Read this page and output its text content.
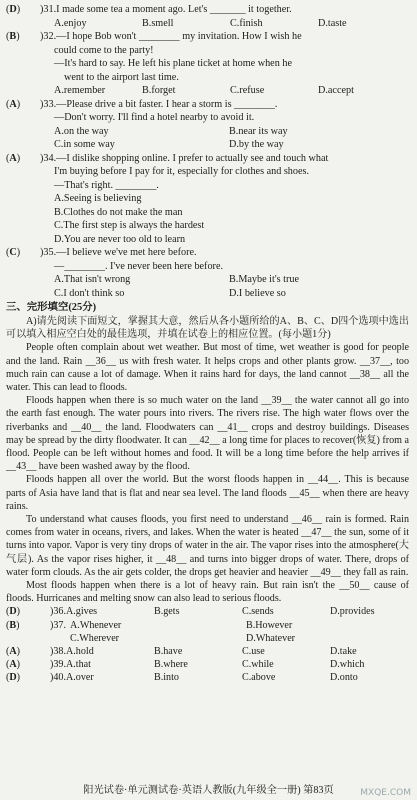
(D)	)31. I made some tea a moment ago. Let's _______ it together.
A.enjoy	B.smell	C.finish	D.taste
(B)	)32. —I hope Bob won't ________ my invitation. How I wish he
could come to the party!
—It's hard to say. He left his plane ticket at home when he
went to the airport last time.
A.remember	B.forget	C.refuse	D.accept
(A)	)33. —Please drive a bit faster. I hear a storm is ________.
—Don't worry. I'll find a hotel nearby to avoid it.
A.on the way	B.near its way
C.in some way	D.by the way
(A)	)34. —I dislike shopping online. I prefer to actually see and touch what
I'm buying before I pay for it, especially for clothes and shoes.
—That's right. ________.
A.Seeing is believing
B.Clothes do not make the man
C.The first step is always the hardest
D.You are never too old to learn
(C)	)35. —I believe we've met here before.
—________. I've never been here before.
A.That isn't wrong	B.Maybe it's true
C.I don't think so	D.I believe so
三、完形填空(25分)
A)请先阅读下面短文，掌握其大意，然后从各小题所给的A、B、C、D四个选项中选出可以填入相应空白处的最佳选项，并填在试卷上的相应位置。(每小题1分)

People often complain about wet weather. But most of time, wet weather is good for people and the land. Rain __36__ us with fresh water. It helps crops and other plants grow. __37__, too much rain can cause a lot of damage. When it rains hard for days, the land cannot __38__ all the water. This can lead to floods.

Floods happen when there is so much water on the land __39__ the water cannot all go into the earth fast enough. The water pours into rivers. The rivers rise. The high water flows over the riverbanks and __40__ the land. Floodwaters can __41__ crops and destroy buildings. Diseases may be spread by the dirty floodwater. It can __42__ a long time for places to recover(恢复) from a flood. People can be left without homes and food. It will be a long time before the help arrives if __43__ have been washed away by the flood.

Floods happen all over the world. But the worst floods happen in __44__. This is because parts of Asia have land that is flat and near sea level. The land floods __45__ when there are heavy rains.

To understand what causes floods, you first need to understand __46__ rain is formed. Rain comes from water in oceans, rivers, and lakes. When the water is heated __47__ the sun, some of it turns into vapor. Vapor is very tiny drops of water in the air. The vapor rises into the atmosphere(大气层). As the vapor rises higher, it __48__ and turns into bigger drops of water. There, drops of water form clouds. As the air gets colder, the drops get heavier and heavier __49__ they fall as rain.

Most floods happen when there is a lot of heavy rain. But rain isn't the __50__ cause of floods. Hurricanes and melting snow can also lead to serious floods.

(D)	)36. A.gives	B.gets	C.sends	D.provides
(B)	)37. A.Whenever	B.However
C.Wherever	D.Whatever
(A)	)38. A.hold	B.have	C.use	D.take
(A)	)39. A.that	B.where	C.while	D.which
(D)	)40. A.over	B.into	C.above	D.onto
阳光试卷·单元测试卷·英语人教版(九年级全一册) 第83页	MXQE.COM
